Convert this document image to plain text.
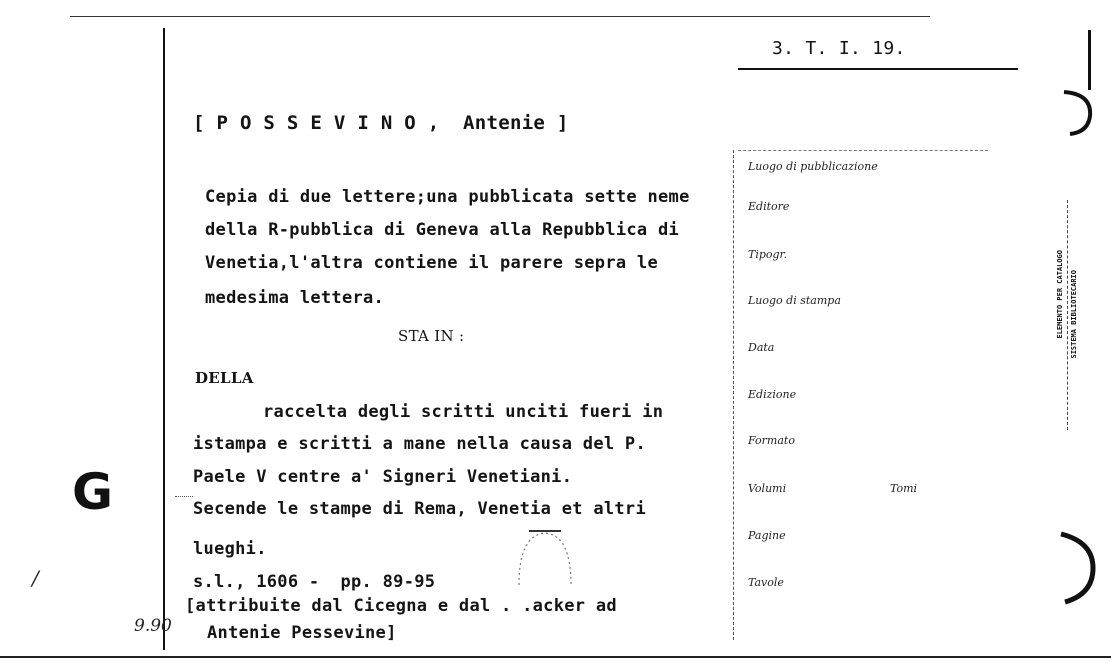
3. T. I. 19.
[ P O S S E V I N O ,  Antenie ]
Cepia di due lettere;una pubblicata sette neme
della R-pubblica di Geneva alla Repubblica di
Venetia,l'altra contiene il parere sepra le
medesima lettera.
STA IN :
DELLA
raccelta degli scritti unciti fueri in
istampa e scritti a mane nella causa del P.
Paele V centre a' Signeri Venetiani.
Secende le stampe di Rema, Venetia et altri
lueghi.
s.l., 1606 -  pp. 89-95
[attribuite dal Cicegna e dal . .acker ad
Antenie Pessevine]
G
9.90
/
Luogo di pubblicazione
Editore
Tipogr.
Luogo di stampa
Data
Edizione
Formato
Volumi	Tomi
Pagine
Tavole
SISTEMA BIBLIOTECARIO
ELEMENTO PER CATALOGO
